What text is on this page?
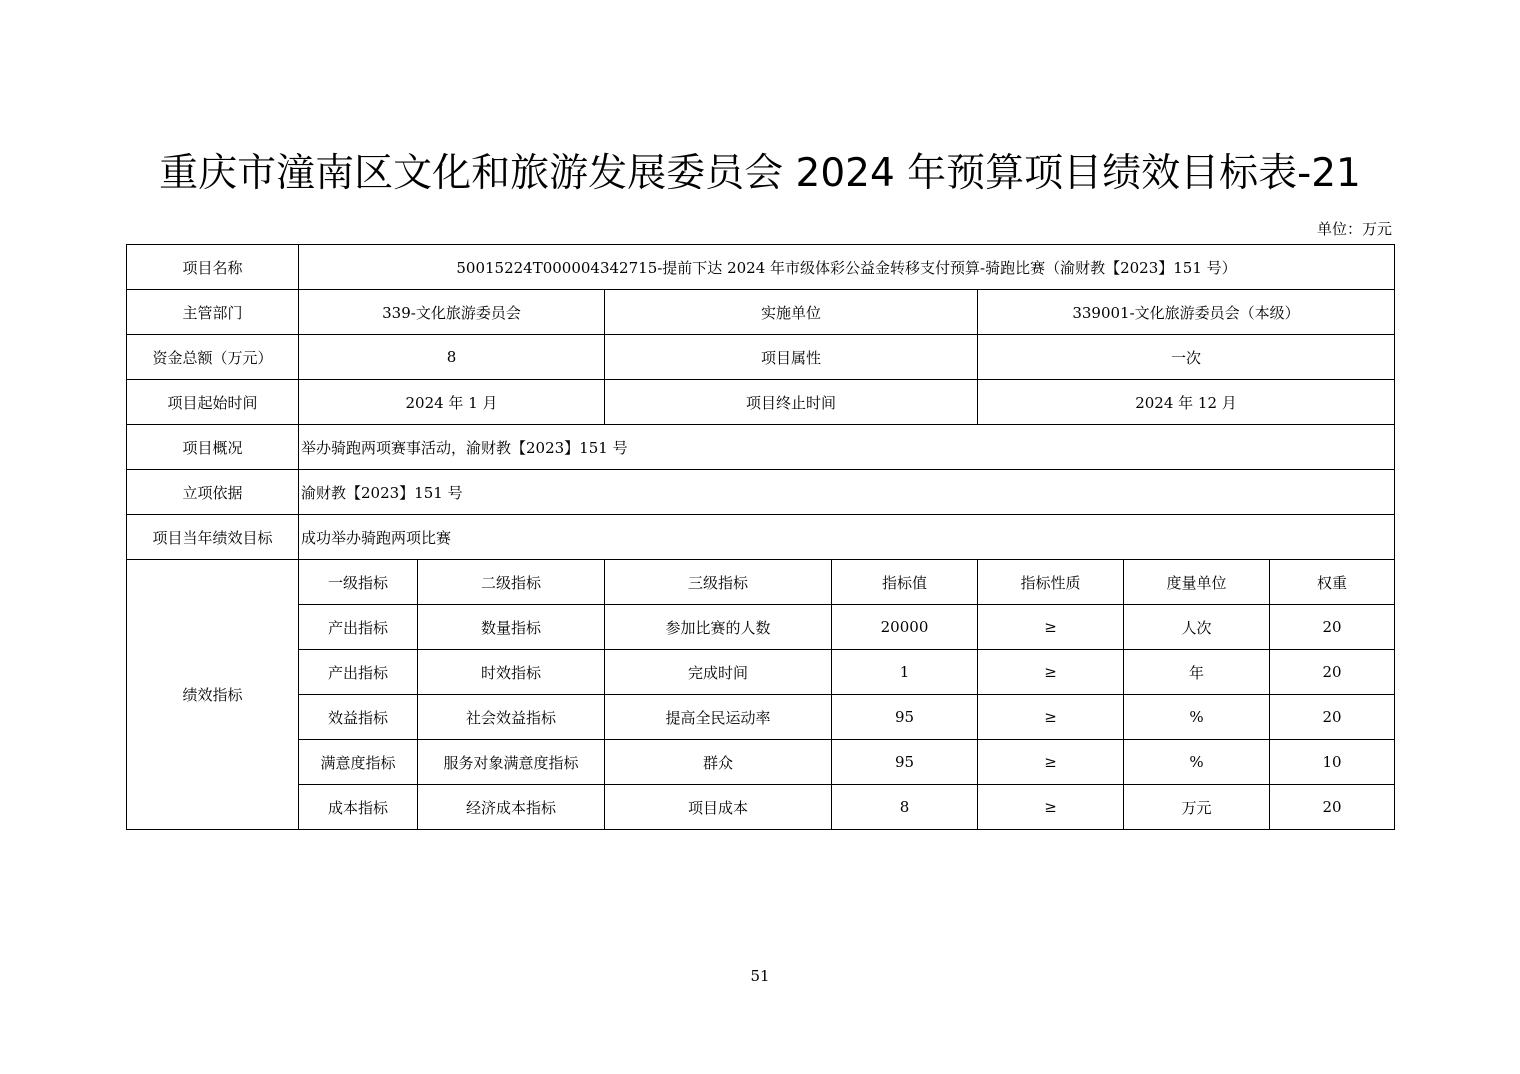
重庆市潼南区文化和旅游发展委员会 2024 年预算项目绩效目标表-21
单位：万元
项目名称	50015224T000004342715-提前下达 2024 年市级体彩公益金转移支付预算-骑跑比赛（渝财教【2023】151 号）						
主管部门	339-文化旅游委员会		实施单位		339001-文化旅游委员会（本级）		
资金总额（万元）	8		项目属性		一次		
项目起始时间	2024 年 1 月		项目终止时间		2024 年 12 月		
项目概况	举办骑跑两项赛事活动，渝财教【2023】151 号						
立项依据	渝财教【2023】151 号						
项目当年绩效目标	成功举办骑跑两项比赛						
绩效指标	一级指标	二级指标	三级指标	指标值	指标性质	度量单位	权重
	产出指标	数量指标	参加比赛的人数	20000	≥	人次	20
	产出指标	时效指标	完成时间	1	≥	年	20
	效益指标	社会效益指标	提高全民运动率	95	≥	%	20
	满意度指标	服务对象满意度指标	群众	95	≥	%	10
	成本指标	经济成本指标	项目成本	8	≥	万元	20
51
